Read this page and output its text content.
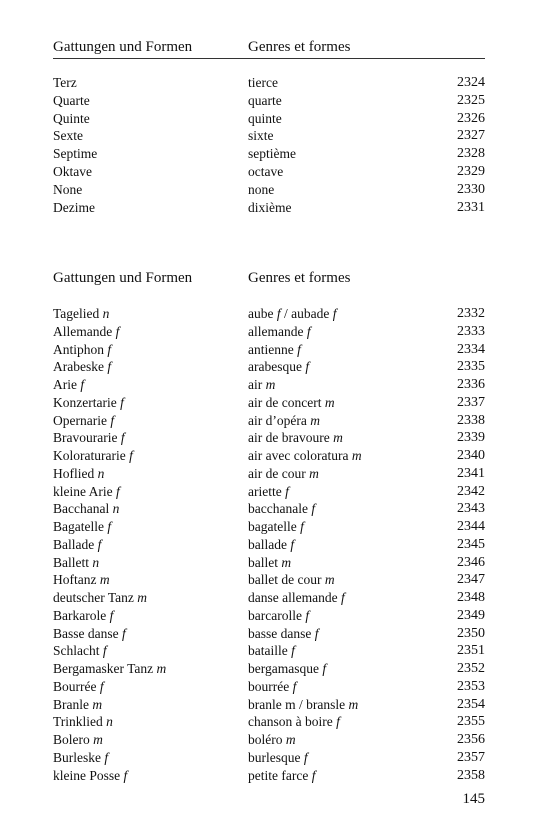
Gattungen und Formen	Genres et formes
Terz	tierce	2324
Quarte	quarte	2325
Quinte	quinte	2326
Sexte	sixte	2327
Septime	septième	2328
Oktave	octave	2329
None	none	2330
Dezime	dixième	2331
Gattungen und Formen	Genres et formes
Tagelied n	aube f / aubade f	2332
Allemande f	allemande f	2333
Antiphon f	antienne f	2334
Arabeske f	arabesque f	2335
Arie f	air m	2336
Konzertarie f	air de concert m	2337
Opernarie f	air d’opéra m	2338
Bravourarie f	air de bravoure m	2339
Koloraturarie f	air avec coloratura m	2340
Hoflied n	air de cour m	2341
kleine Arie f	ariette f	2342
Bacchanal n	bacchanale f	2343
Bagatelle f	bagatelle f	2344
Ballade f	ballade f	2345
Ballett n	ballet m	2346
Hoftanz m	ballet de cour m	2347
deutscher Tanz m	danse allemande f	2348
Barkarole f	barcarolle f	2349
Basse danse f	basse danse f	2350
Schlacht f	bataille f	2351
Bergamasker Tanz m	bergamasque f	2352
Bourrée f	bourrée f	2353
Branle m	branle m / bransle m	2354
Trinklied n	chanson à boire f	2355
Bolero m	boléro m	2356
Burleske f	burlesque f	2357
kleine Posse f	petite farce f	2358
145
